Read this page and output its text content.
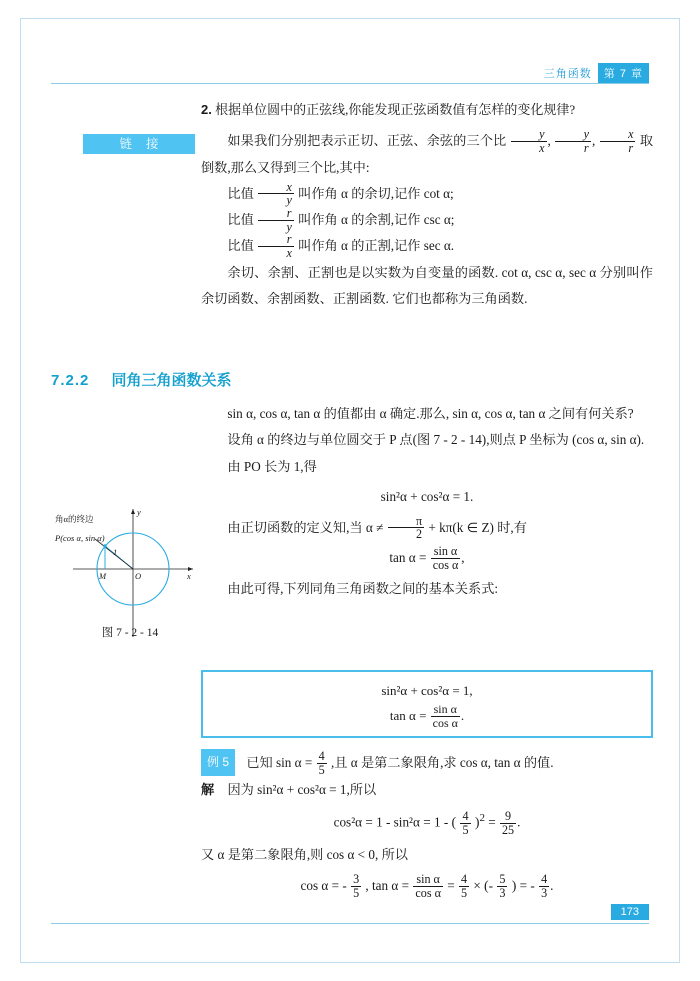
三角函数	第 7 章

2. 根据单位圆中的正弦线,你能发现正弦函数值有怎样的变化规律?

如果我们分别把表示正切、正弦、余弦的三个比 $\frac{y}{x}$ , $\frac{y}{r}$ , $\frac{x}{r}$ 取倒数,那么又得到三个比,其中:

比值 $\frac{x}{y}$ 叫作角 α 的余切,记作 cot α;

比值 $\frac{r}{y}$ 叫作角 α 的余割,记作 csc α;

比值 $\frac{r}{x}$ 叫作角 α 的正割,记作 sec α.

余切、余割、正割也是以实数为自变量的函数. cot α, csc α, sec α 分别叫作余切函数、余割函数、正割函数. 它们也都称为三角函数.

链接
7.2.2 同角三角函数关系

sin α, cos α, tan α 的值都由 α 确定.那么, sin α, cos α, tan α 之间有何关系?

设角 α 的终边与单位圆交于 P 点(图 7 - 2 - 14),则点 P 坐标为 (cos α, sin α).

由 PO 长为 1,得

sin²α + cos²α = 1.

由正切函数的定义知,当 $\alpha \ne \frac{\pi}{2} + k\pi(k$ ∈ Z) 时,有

$\tan \alpha = \frac{\text{sin α}}{\text{cos α}}$ ,

由此可得,下列同角三角函数之间的基本关系式:

角α的终边
P(cos α, sin α)
y
x
O
M
1
图 7 - 2 - 14
sin²α + cos²α = 1,
$\tan \alpha = \frac{\text{sin α}}{\text{cos α}}$ .

例 5 已知 $\sin \alpha = \frac{4}{5}$ ,且 α 是第二象限角,求 cos α, tan α 的值.

解 因为 sin²α + cos²α = 1,所以

cos²α = 1 - sin²α = 1 - ( $\frac{4}{5} )^2 = \frac{9}{25}$ .

又 α 是第二象限角,则 cos α < 0, 所以

cos α = - $\frac{3}{5}$ , $\tan \alpha = \frac{\text{sin α}}{\text{cos α}} = \frac{4}{5}$ × (- $\frac{5}{3}$ ) = - $\frac{4}{3}$ .

173
